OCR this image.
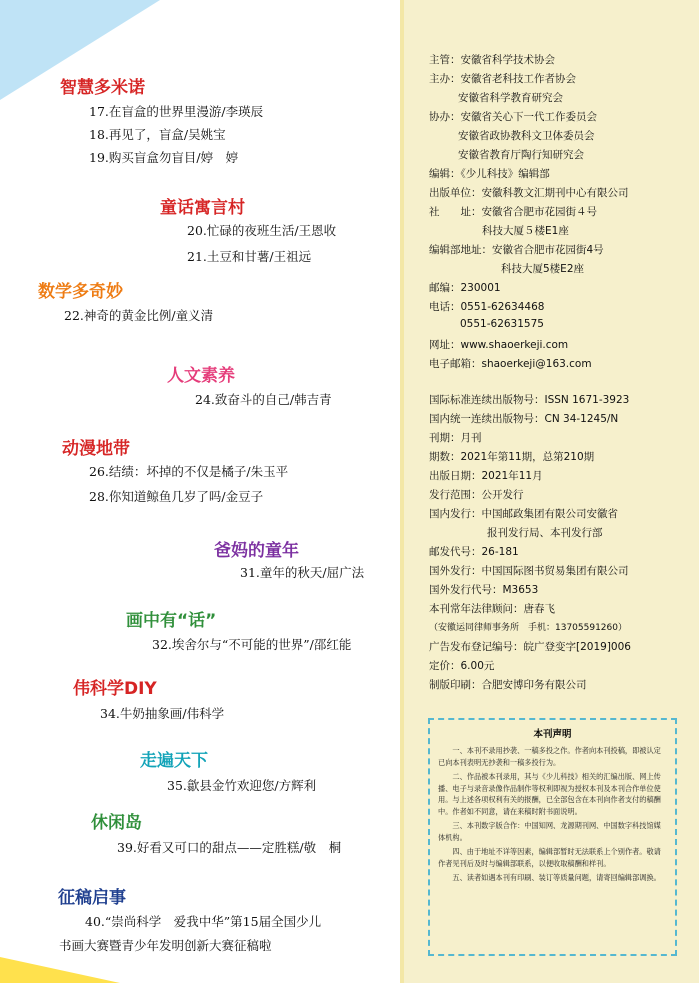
智慧多米诺
17.在盲盒的世界里漫游/李瑛辰
18.再见了，盲盒/吴姚宝
19.购买盲盒勿盲目/婷　婷
童话寓言村
20.忙碌的夜班生活/王恩收
21.土豆和甘薯/王祖远
数学多奇妙
22.神奇的黄金比例/童义清
人文素养
24.致奋斗的自己/韩吉青
动漫地带
26.结绩：坏掉的不仅是橘子/朱玉平
28.你知道鲸鱼几岁了吗/金豆子
爸妈的童年
31.童年的秋天/屈广法
画中有“话”
32.埃舍尔与“不可能的世界”/邵红能
伟科学DIY
34.牛奶抽象画/伟科学
走遍天下
35.歙县金竹欢迎您/方辉利
休闲岛
39.好看又可口的甜点——定胜糕/敬　桐
征稿启事
40.“崇尚科学　爱我中华”第15届全国少儿
书画大赛暨青少年发明创新大赛征稿啦
主管：安徽省科学技术协会
主办：安徽省老科技工作者协会
安徽省科学教育研究会
协办：安徽省关心下一代工作委员会
安徽省政协教科文卫体委员会
安徽省教育厅陶行知研究会
编辑：《少儿科技》编辑部
出版单位：安徽科教文汇期刊中心有限公司
社　　址：安徽省合肥市花园街４号
科技大厦５楼E1座
编辑部地址：安徽省合肥市花园街4号
科技大厦5楼E2座
邮编：230001
电话：0551-62634468
0551-62631575
网址：www.shaoerkeji.com
电子邮箱：shaoerkeji@163.com
国际标准连续出版物号：ISSN 1671-3923
国内统一连续出版物号：CN 34-1245/N
刊期：月刊
期数：2021年第11期，总第210期
出版日期：2021年11月
发行范围：公开发行
国内发行：中国邮政集团有限公司安徽省
报刊发行局、本刊发行部
邮发代号：26-181
国外发行：中国国际图书贸易集团有限公司
国外发行代号：M3653
本刊常年法律顾问：唐春飞
（安徽运同律师事务所　手机：13705591260）
广告发布登记编号：皖广登变字[2019]006
定价：6.00元
制版印刷：合肥安博印务有限公司
本刊声明

一、本刊不录用抄袭、一稿多投之作。作者向本刊投稿，即被认定已向本刊表明无抄袭和一稿多投行为。

二、作品被本刊录用，其与《少儿科技》相关的汇编出版、网上传播、电子与录音录像作品制作等权利即视为授权本刊及本刊合作单位使用。与上述各项权利有关的报酬，已全部包含在本刊向作者支付的稿酬中。作者如不同意，请在来稿时附书面说明。

三、本刊数字版合作：中国知网、龙源期刊网、中国数字科技馆媒体机构。

四、由于地址不详等因素，编辑部暂时无法联系上个别作者。敬请作者见刊后及时与编辑部联系，以便收取稿酬和样刊。

五、读者如遇本刊有印刷、装订等质量问题，请寄回编辑部调换。
